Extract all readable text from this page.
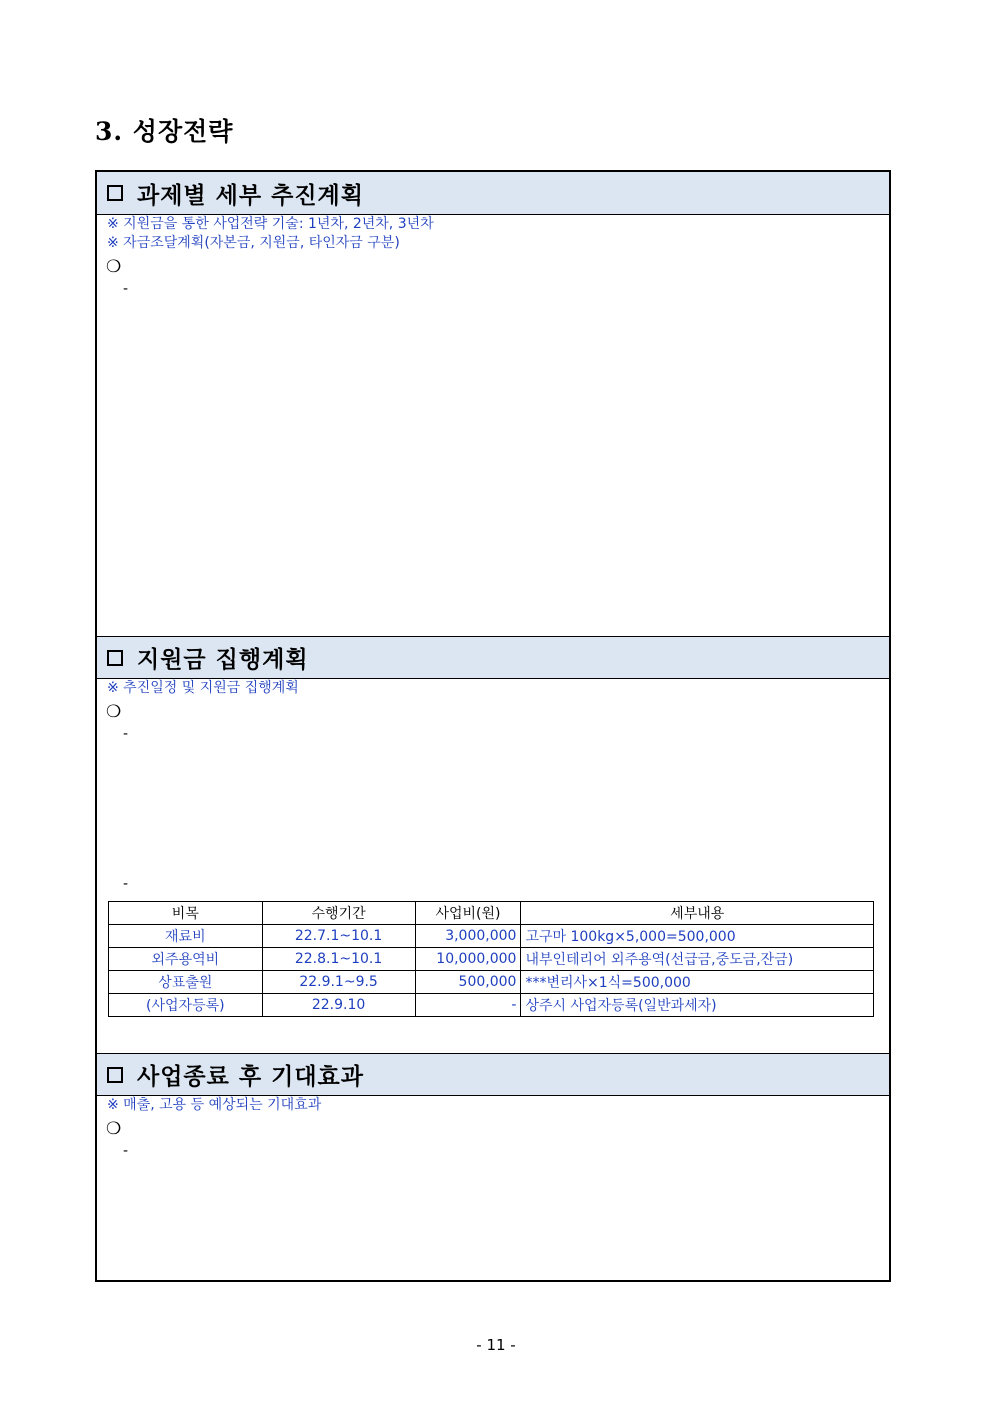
3. 성장전략
과제별 세부 추진계획
※ 지원금을 통한 사업전략 기술: 1년차, 2년차, 3년차
※ 자금조달계획(자본금, 지원금, 타인자금 구분)
❍
-
지원금 집행계획
※ 추진일정 및 지원금 집행계획
❍
-
-
비목	수행기간	사업비(원)	세부내용
재료비	22.7.1~10.1	3,000,000	고구마 100kg×5,000=500,000
외주용역비	22.8.1~10.1	10,000,000	내부인테리어 외주용역(선급금,중도금,잔금)
상표출원	22.9.1~9.5	500,000	***변리사×1식=500,000
(사업자등록)	22.9.10	-	상주시 사업자등록(일반과세자)
사업종료 후 기대효과
※ 매출, 고용 등 예상되는 기대효과
❍
-
- 11 -
